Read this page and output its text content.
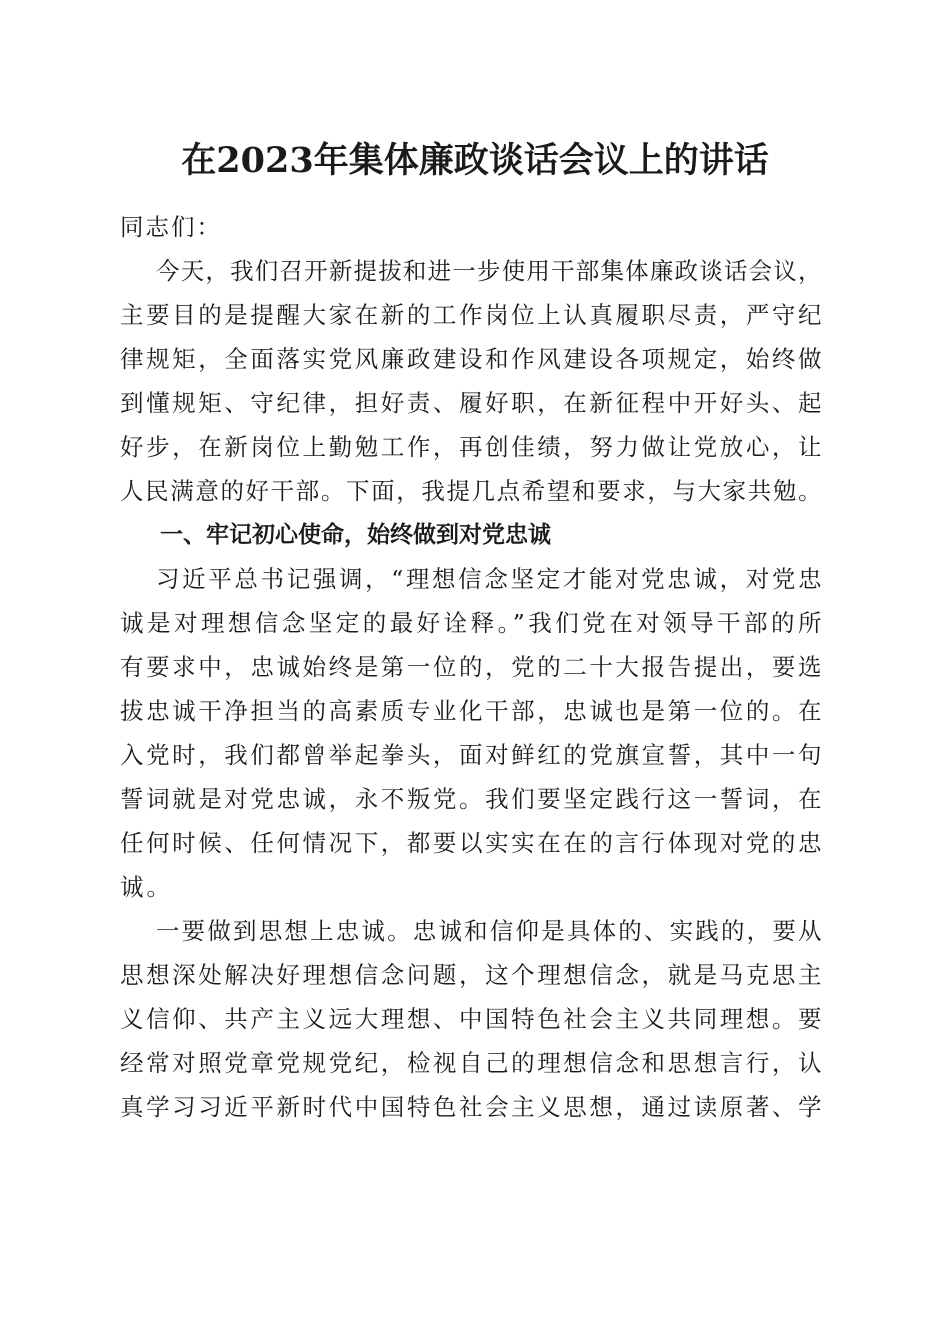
在2023年集体廉政谈话会议上的讲话
同志们：
今天，我们召开新提拔和进一步使用干部集体廉政谈话会议，
主要目的是提醒大家在新的工作岗位上认真履职尽责，严守纪
律规矩，全面落实党风廉政建设和作风建设各项规定，始终做
到懂规矩、守纪律，担好责、履好职，在新征程中开好头、起
好步，在新岗位上勤勉工作，再创佳绩，努力做让党放心，让
人民满意的好干部。下面，我提几点希望和要求，与大家共勉。
一、牢记初心使命，始终做到对党忠诚
习近平总书记强调，“理想信念坚定才能对党忠诚，对党忠
诚是对理想信念坚定的最好诠释。”我们党在对领导干部的所
有要求中，忠诚始终是第一位的，党的二十大报告提出，要选
拔忠诚干净担当的高素质专业化干部，忠诚也是第一位的。在
入党时，我们都曾举起拳头，面对鲜红的党旗宣誓，其中一句
誓词就是对党忠诚，永不叛党。我们要坚定践行这一誓词，在
任何时候、任何情况下，都要以实实在在的言行体现对党的忠
诚。
一要做到思想上忠诚。忠诚和信仰是具体的、实践的，要从
思想深处解决好理想信念问题，这个理想信念，就是马克思主
义信仰、共产主义远大理想、中国特色社会主义共同理想。要
经常对照党章党规党纪，检视自己的理想信念和思想言行，认
真学习习近平新时代中国特色社会主义思想，通过读原著、学
